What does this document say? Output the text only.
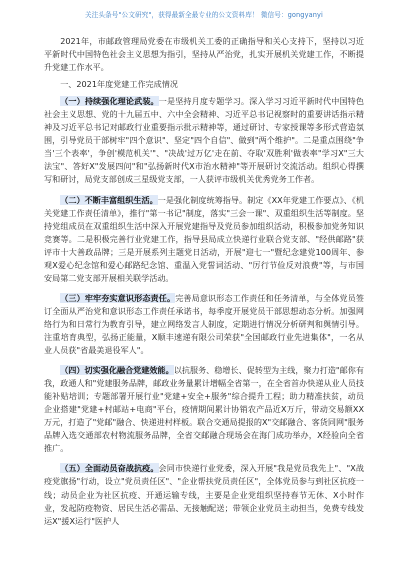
关注头条号"公文研究"，获得最新全最专业的公文资料库！ 微信号：gongyanyi

2021年，市邮政管理局党委在市级机关工委的正确指导和关心支持下，坚持以习近平新时代中国特色社会主义思想为指引，坚持从严治党，扎实开展机关党建工作，不断提升党建工作水平。

一、2021年度党建工作完成情况

（一）持续强化理论武装。一是坚持月度专题学习。深入学习习近平新时代中国特色社会主义思想、党的十九届五中、六中全会精神、习近平总书记视察时的重要讲话指示精神及习近平总书记对邮政行业重要指示批示精神等，通过研讨、专家授课等多形式营造氛围，引导党员干部树牢"四个意识"、坚定"四个自信"、做到"两个维护"。二是重点围绕"争当'三个表率'，争创'模范机关'"、"决战'过万亿'走在前、夺取'双胜利'做表率"学习X"三大法宝"、答好X"发展四问"和"弘扬新时代X市治水精神"等开展研讨交流活动。组织心得撰写和研讨，局党支部创成三星级党支部，一人获评市级机关优秀党务工作者。

（二）不断丰富组织生活。一是强化制度统筹指导。制定《XX年党建工作要点》、《机关党建工作责任清单》，推行"第一书记"制度，落实"三会一课"、双重组织生活等制度。坚持党组成员在双重组织生活中深入开展党建指导及党员参加组织活动，积极参加党务知识竞赛等。二是积极完善行业党建工作，指导县局成立快递行业联合党支部、"经供邮路"获评市十大善政品牌；三是开展系列主题党日活动，开展"迎七一"暨纪念建党100周年、参观X爱心纪念馆和爱心邮路纪念馆、重温入党誓词活动、"厉行节俭反对浪费"等，与市国安局第二党支部开展相关联学活动。

（三）牢牢夯实意识形态责任。完善局意识形态工作责任和任务清单，与全体党员签订全面从严治党和意识形态工作责任承诺书，每季度开展党员干部思想动态分析。加强网络行为和日常行为教育引导，建立网络发言人制度，定期进行情况分析研判和舆情引导。注重培育典型，弘扬正能量，X顺丰速递有限公司荣获"全国邮政行业先进集体"，一名从业人员获"省最美退役军人"。

（四）切实强化融合党建效能。以抗服务、稳增长、促转型为主线，聚力打造"邮你有我，政通人和"党建服务品牌，邮政业务量累计增幅全省第一，在全省首办快递从业人员技能补贴培训；专题部署开展行业"党建+安全+服务"综合提升工程；助力精准扶贫，动员企业搭建"党建+村邮站+电商"平台，疫情期间累计协销农产品近X万斤，带动交易额XX万元，打造了"党邮"融合、快递进村样板。联合交通局提报的X"交邮融合、客货同网"服务品牌入选交通部农村物流服务品牌，全省交邮融合现场会在海门成功举办，X经验向全省推广。

（五）全面动员奋战抗疫。会同市快递行业党委，深入开展"我是党员我先上"、"X战疫党旗扬"行动，设立"党员责任区"、"企业帮扶党员责任区"，全体党员参与到社区抗疫一线；动员企业为社区抗疫、开通运输专线，主要是企业党组织坚持春节无休、X小时作业，发起防疫物资、居民生活必需品、无接触配送；带领企业党员主动担当，免费专线发运X"援X运行"医护人
